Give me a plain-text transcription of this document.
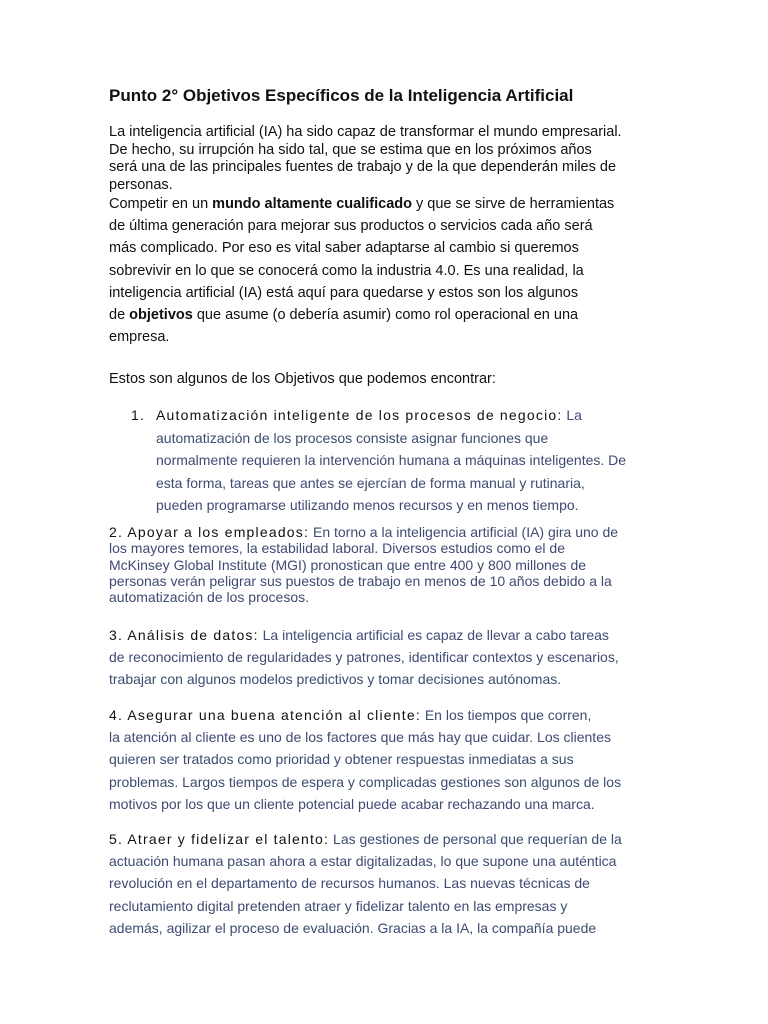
Punto 2° Objetivos Específicos de la Inteligencia Artificial

La inteligencia artificial (IA) ha sido capaz de transformar el mundo empresarial.
De hecho, su irrupción ha sido tal, que se estima que en los próximos años
será una de las principales fuentes de trabajo y de la que dependerán miles de
personas.

Competir en un mundo altamente cualificado y que se sirve de herramientas
de última generación para mejorar sus productos o servicios cada año será
más complicado. Por eso es vital saber adaptarse al cambio si queremos
sobrevivir en lo que se conocerá como la industria 4.0. Es una realidad, la
inteligencia artificial (IA) está aquí para quedarse y estos son los algunos
de objetivos que asume (o debería asumir) como rol operacional en una
empresa.

Estos son algunos de los Objetivos que podemos encontrar:

1. Automatización inteligente de los procesos de negocio: La
automatización de los procesos consiste asignar funciones que
normalmente requieren la intervención humana a máquinas inteligentes. De
esta forma, tareas que antes se ejercían de forma manual y rutinaria,
pueden programarse utilizando menos recursos y en menos tiempo.

2. Apoyar a los empleados: En torno a la inteligencia artificial (IA) gira uno de
los mayores temores, la estabilidad laboral. Diversos estudios como el de
McKinsey Global Institute (MGI) pronostican que entre 400 y 800 millones de
personas verán peligrar sus puestos de trabajo en menos de 10 años debido a la
automatización de los procesos.

3. Análisis de datos: La inteligencia artificial es capaz de llevar a cabo tareas
de reconocimiento de regularidades y patrones, identificar contextos y escenarios,
trabajar con algunos modelos predictivos y tomar decisiones autónomas.

4. Asegurar una buena atención al cliente: En los tiempos que corren,
la atención al cliente es uno de los factores que más hay que cuidar. Los clientes
quieren ser tratados como prioridad y obtener respuestas inmediatas a sus
problemas. Largos tiempos de espera y complicadas gestiones son algunos de los
motivos por los que un cliente potencial puede acabar rechazando una marca.

5. Atraer y fidelizar el talento: Las gestiones de personal que requerían de la
actuación humana pasan ahora a estar digitalizadas, lo que supone una auténtica
revolución en el departamento de recursos humanos. Las nuevas técnicas de
reclutamiento digital pretenden atraer y fidelizar talento en las empresas y
además, agilizar el proceso de evaluación. Gracias a la IA, la compañía puede
